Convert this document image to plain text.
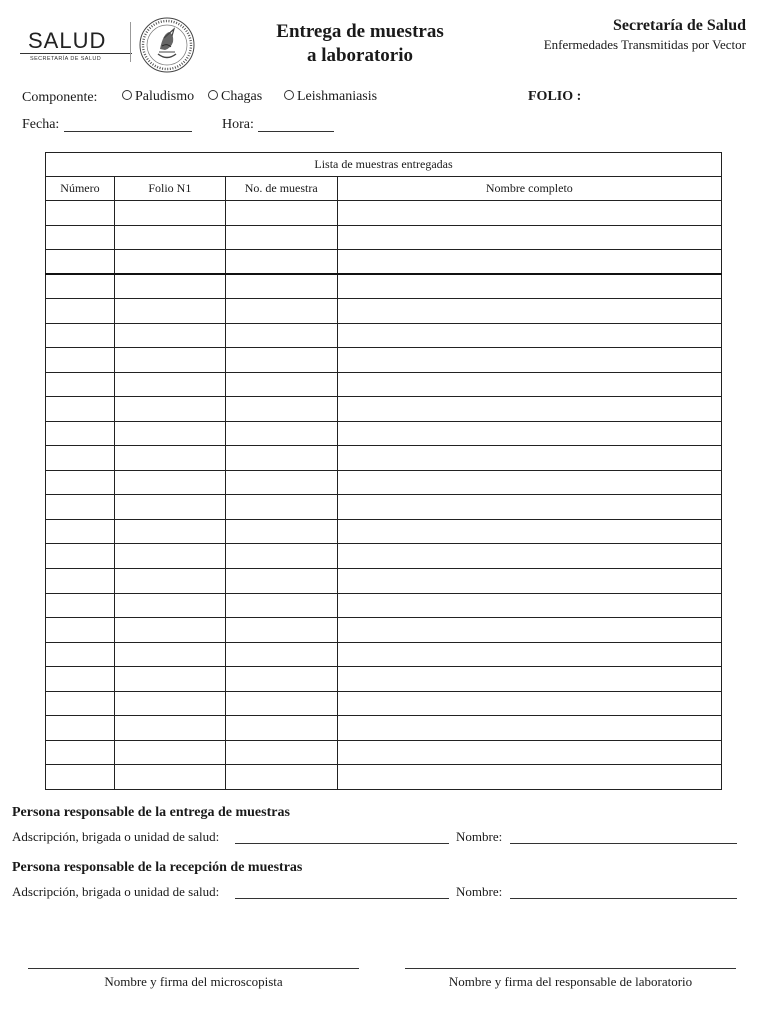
SALUD
SECRETARÍA DE SALUD
Entrega de muestras
a laboratorio
Secretaría de Salud
Enfermedades Transmitidas por Vector
Componente:	Paludismo	Chagas	Leishmaniasis	FOLIO :
Fecha:	Hora:
Lista de muestras entregadas			
Número	Folio N1	No. de muestra	Nombre completo

Persona responsable de la entrega de muestras
Adscripción, brigada o unidad de salud:	Nombre:
Persona responsable de la recepción de muestras
Adscripción, brigada o unidad de salud:	Nombre:
Nombre y firma del microscopista	Nombre y firma del responsable de laboratorio
